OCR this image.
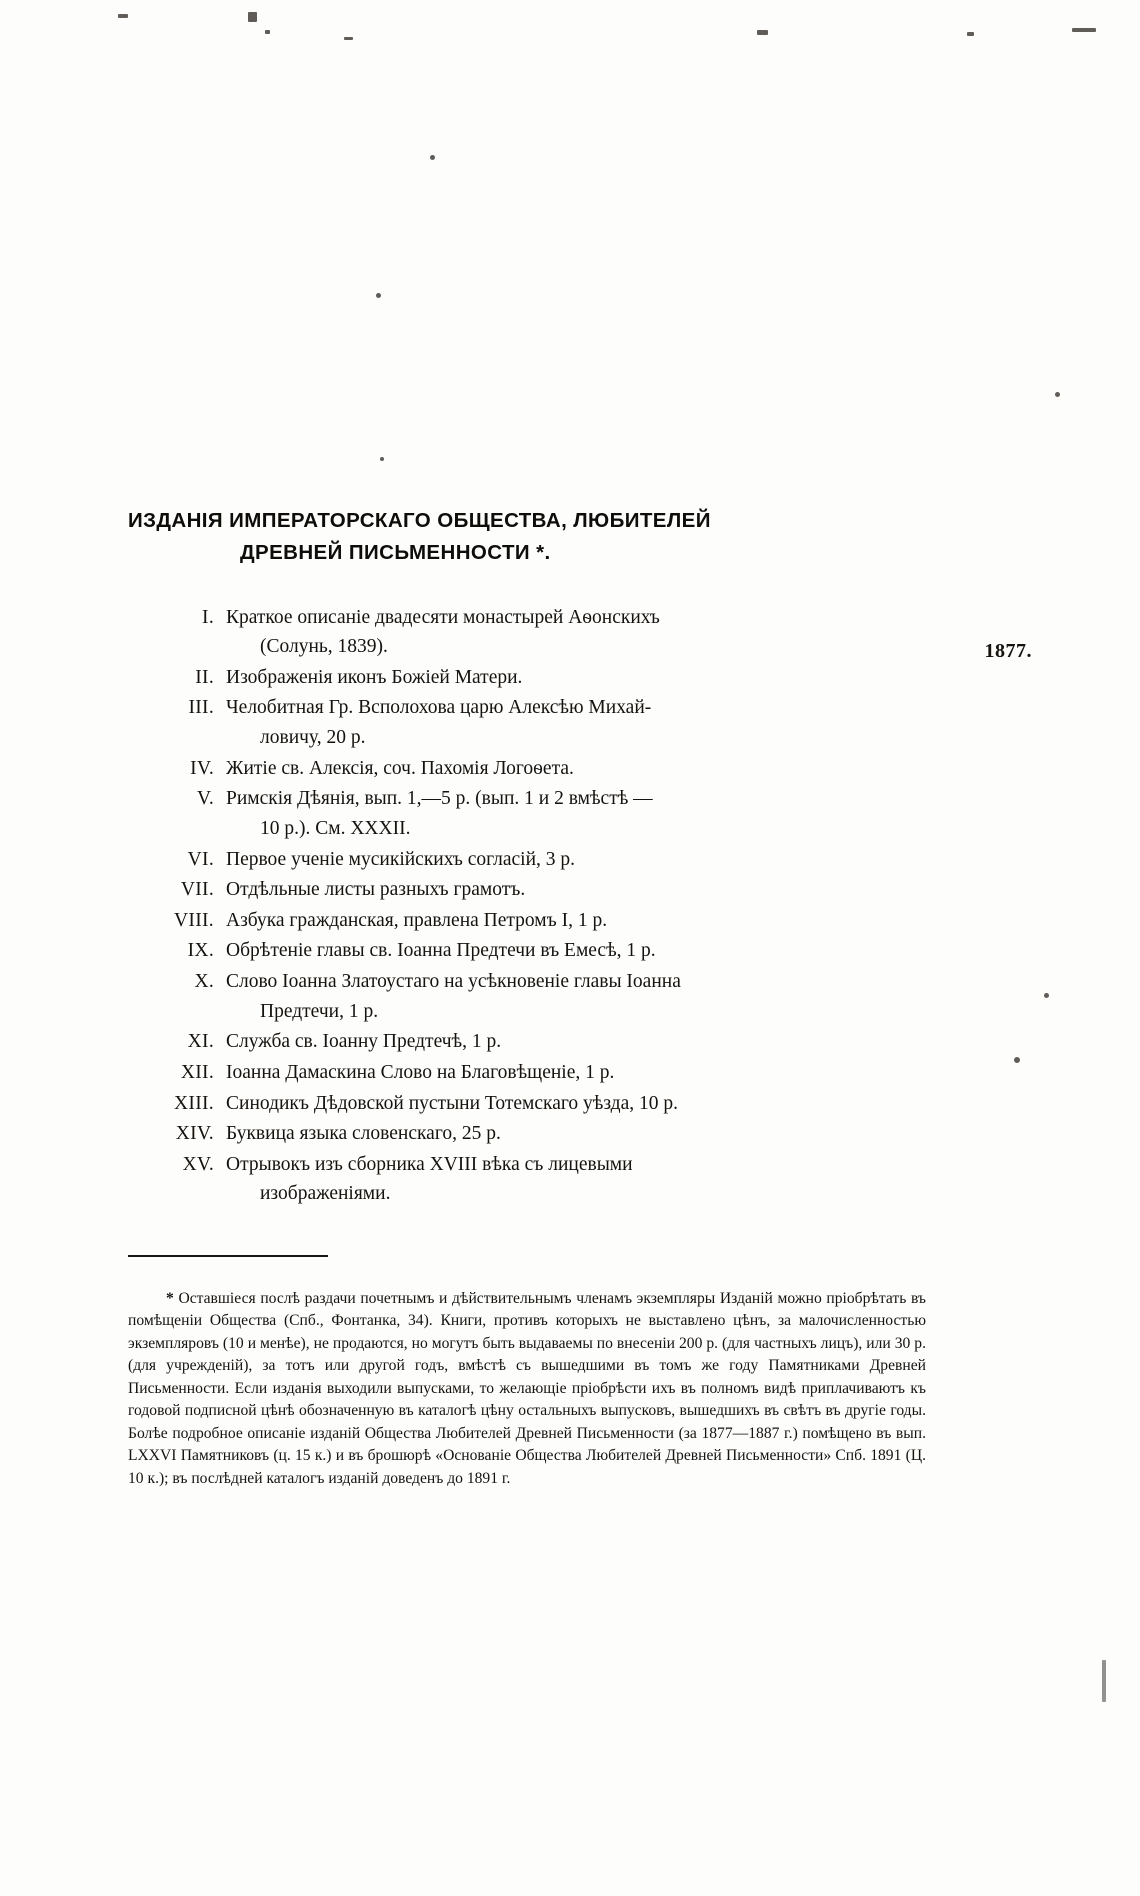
ИЗДАНІЯ ИМПЕРАТОРСКАГО ОБЩЕСТВА, ЛЮБИТЕЛЕЙ
ДРЕВНЕЙ ПИСЬМЕННОСТИ *.
1877.
I. Краткое описаніе двадесяти монастырей Аѳонскихъ
(Солунь, 1839).
II. Изображенія иконъ Божіей Матери.
III. Челобитная Гр. Всполохова царю Алексѣю Михай-
ловичу, 20 р.
IV. Житіе св. Алексія, соч. Пахомія Логоѳета.
V. Римскія Дѣянія, вып. 1,—5 р. (вып. 1 и 2 вмѣстѣ —
10 р.). См. XXXII.
VI. Первое ученіе мусикійскихъ согласій, 3 р.
VII. Отдѣльные листы разныхъ грамотъ.
VIII. Азбука гражданская, правлена Петромъ I, 1 р.
IX. Обрѣтеніе главы св. Іоанна Предтечи въ Емесѣ, 1 р.
X. Слово Іоанна Златоустаго на усѣкновеніе главы Іоанна
Предтечи, 1 р.
XI. Служба св. Іоанну Предтечѣ, 1 р.
XII. Іоанна Дамаскина Слово на Благовѣщеніе, 1 р.
XIII. Синодикъ Дѣдовской пустыни Тотемскаго уѣзда, 10 р.
XIV. Буквица языка словенскаго, 25 р.
XV. Отрывокъ изъ сборника XVIII вѣка съ лицевыми
изображеніями.

* Оставшіеся послѣ раздачи почетнымъ и дѣйствительнымъ членамъ экземпляры Изданій можно пріобрѣтать въ помѣщеніи Общества (Спб., Фонтанка, 34). Книги, противъ которыхъ не выставлено цѣнъ, за малочисленностью экземпляровъ (10 и менѣе), не продаются, но могутъ быть выдаваемы по внесеніи 200 р. (для частныхъ лицъ), или 30 р. (для учрежденій), за тотъ или другой годъ, вмѣстѣ съ вышедшими въ томъ же году Памятниками Древней Письменности. Если изданія выходили выпусками, то желающіе пріобрѣсти ихъ въ полномъ видѣ приплачиваютъ къ годовой подписной цѣнѣ обозначенную въ каталогѣ цѣну остальныхъ выпусковъ, вышедшихъ въ свѣтъ въ другіе годы. Болѣе подробное описаніе изданій Общества Любителей Древней Письменности (за 1877—1887 г.) помѣщено въ вып. LXXVI Памятниковъ (ц. 15 к.) и въ брошюрѣ «Основаніе Общества Любителей Древней Письменности» Спб. 1891 (Ц. 10 к.); въ послѣдней каталогъ изданій доведенъ до 1891 г.
